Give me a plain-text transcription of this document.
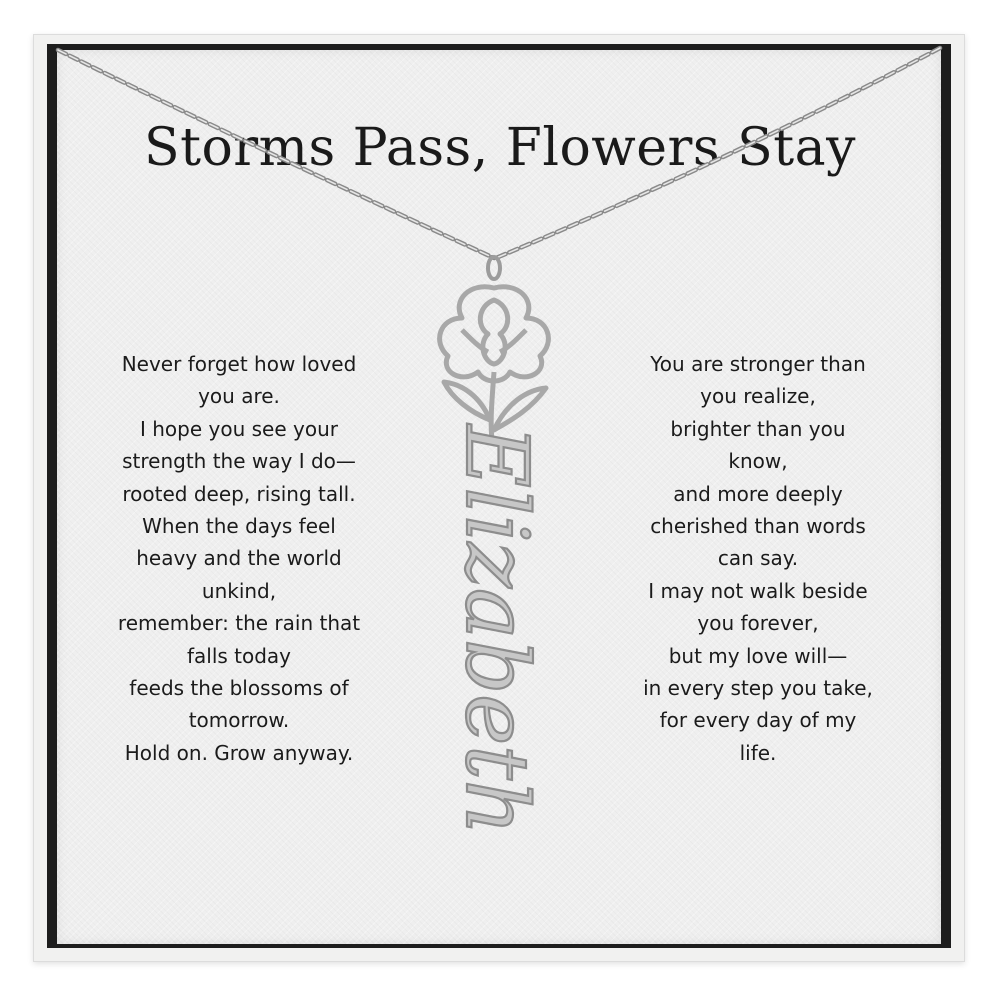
Storms Pass, Flowers Stay
Never forget how loved
you are.
I hope you see your
strength the way I do—
rooted deep, rising tall.
When the days feel
heavy and the world
unkind,
remember: the rain that
falls today
feeds the blossoms of
tomorrow.
Hold on. Grow anyway.
You are stronger than
you realize,
brighter than you
know,
and more deeply
cherished than words
can say.
I may not walk beside
you forever,
but my love will—
in every step you take,
for every day of my
life.
Elizabeth
